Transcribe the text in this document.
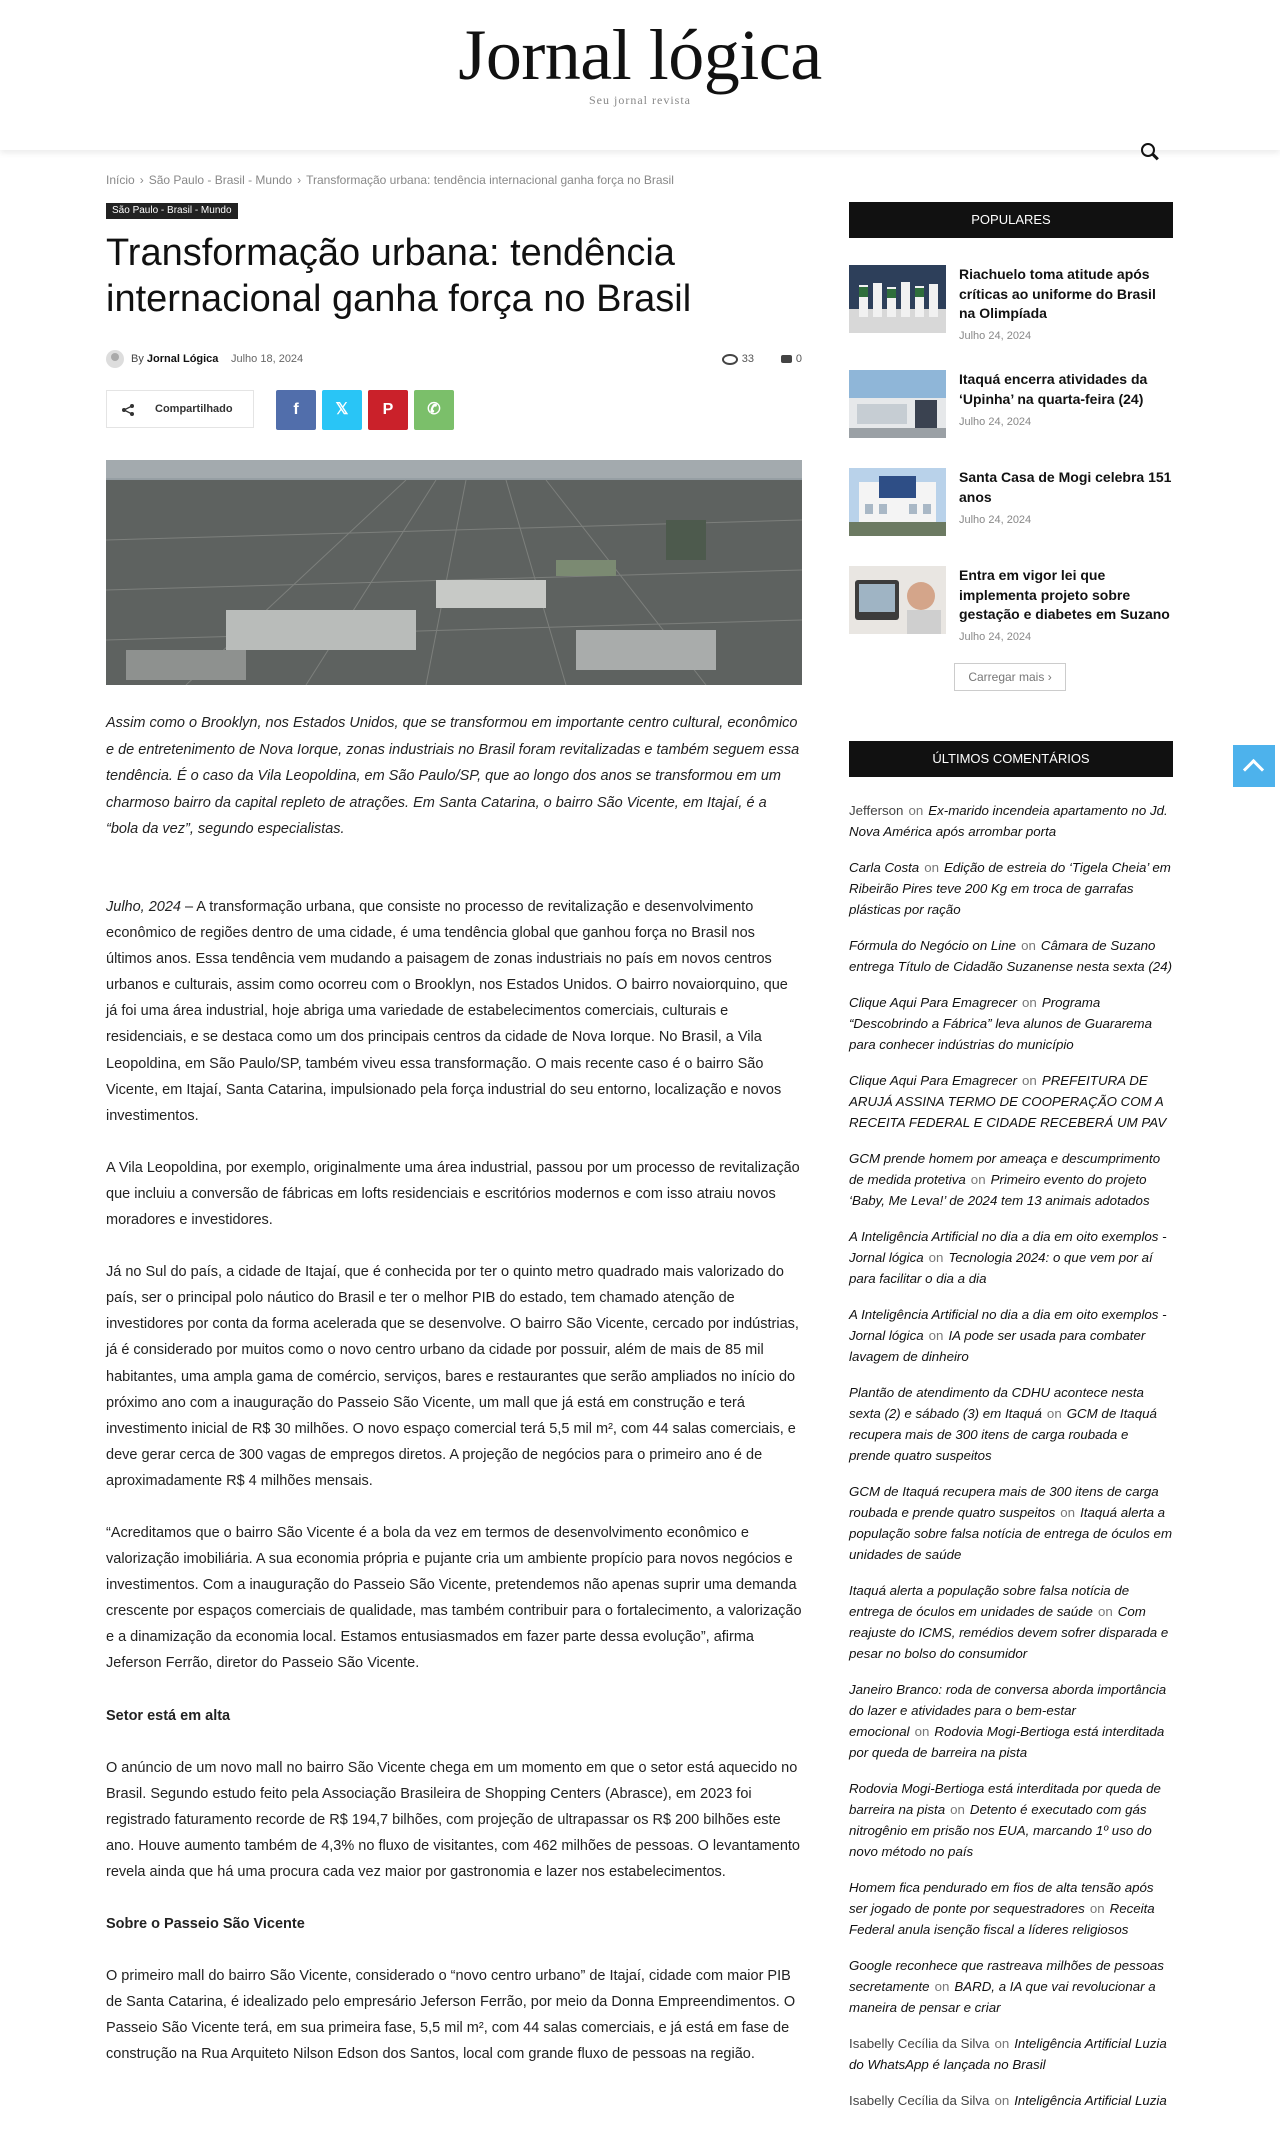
Jornal lógica
Seu jornal revista
Início › São Paulo - Brasil - Mundo › Transformação urbana: tendência internacional ganha força no Brasil
São Paulo - Brasil - Mundo
Transformação urbana: tendência internacional ganha força no Brasil
By Jornal Lógica Julho 18, 2024	33	0
Compartilhado	f	𝕏	P	✆
Assim como o Brooklyn, nos Estados Unidos, que se transformou em importante centro cultural, econômico e de entretenimento de Nova Iorque, zonas industriais no Brasil foram revitalizadas e também seguem essa tendência. É o caso da Vila Leopoldina, em São Paulo/SP, que ao longo dos anos se transformou em um charmoso bairro da capital repleto de atrações. Em Santa Catarina, o bairro São Vicente, em Itajaí, é a “bola da vez”, segundo especialistas.

Julho, 2024 – A transformação urbana, que consiste no processo de revitalização e desenvolvimento econômico de regiões dentro de uma cidade, é uma tendência global que ganhou força no Brasil nos últimos anos. Essa tendência vem mudando a paisagem de zonas industriais no país em novos centros urbanos e culturais, assim como ocorreu com o Brooklyn, nos Estados Unidos. O bairro novaiorquino, que já foi uma área industrial, hoje abriga uma variedade de estabelecimentos comerciais, culturais e residenciais, e se destaca como um dos principais centros da cidade de Nova Iorque. No Brasil, a Vila Leopoldina, em São Paulo/SP, também viveu essa transformação. O mais recente caso é o bairro São Vicente, em Itajaí, Santa Catarina, impulsionado pela força industrial do seu entorno, localização e novos investimentos.

A Vila Leopoldina, por exemplo, originalmente uma área industrial, passou por um processo de revitalização que incluiu a conversão de fábricas em lofts residenciais e escritórios modernos e com isso atraiu novos moradores e investidores.

Já no Sul do país, a cidade de Itajaí, que é conhecida por ter o quinto metro quadrado mais valorizado do país, ser o principal polo náutico do Brasil e ter o melhor PIB do estado, tem chamado atenção de investidores por conta da forma acelerada que se desenvolve. O bairro São Vicente, cercado por indústrias, já é considerado por muitos como o novo centro urbano da cidade por possuir, além de mais de 85 mil habitantes, uma ampla gama de comércio, serviços, bares e restaurantes que serão ampliados no início do próximo ano com a inauguração do Passeio São Vicente, um mall que já está em construção e terá investimento inicial de R$ 30 milhões. O novo espaço comercial terá 5,5 mil m², com 44 salas comerciais, e deve gerar cerca de 300 vagas de empregos diretos. A projeção de negócios para o primeiro ano é de aproximadamente R$ 4 milhões mensais.

“Acreditamos que o bairro São Vicente é a bola da vez em termos de desenvolvimento econômico e valorização imobiliária. A sua economia própria e pujante cria um ambiente propício para novos negócios e investimentos. Com a inauguração do Passeio São Vicente, pretendemos não apenas suprir uma demanda crescente por espaços comerciais de qualidade, mas também contribuir para o fortalecimento, a valorização e a dinamização da economia local. Estamos entusiasmados em fazer parte dessa evolução”, afirma Jeferson Ferrão, diretor do Passeio São Vicente.

Setor está em alta

O anúncio de um novo mall no bairro São Vicente chega em um momento em que o setor está aquecido no Brasil. Segundo estudo feito pela Associação Brasileira de Shopping Centers (Abrasce), em 2023 foi registrado faturamento recorde de R$ 194,7 bilhões, com projeção de ultrapassar os R$ 200 bilhões este ano. Houve aumento também de 4,3% no fluxo de visitantes, com 462 milhões de pessoas. O levantamento revela ainda que há uma procura cada vez maior por gastronomia e lazer nos estabelecimentos.

Sobre o Passeio São Vicente

O primeiro mall do bairro São Vicente, considerado o “novo centro urbano” de Itajaí, cidade com maior PIB de Santa Catarina, é idealizado pelo empresário Jeferson Ferrão, por meio da Donna Empreendimentos. O Passeio São Vicente terá, em sua primeira fase, 5,5 mil m², com 44 salas comerciais, e já está em fase de construção na Rua Arquiteto Nilson Edson dos Santos, local com grande fluxo de pessoas na região.

POPULARES
Riachuelo toma atitude após críticas ao uniforme do Brasil na Olimpíada
Julho 24, 2024
Itaquá encerra atividades da ‘Upinha’ na quarta-feira (24)
Julho 24, 2024
Santa Casa de Mogi celebra 151 anos
Julho 24, 2024
Entra em vigor lei que implementa projeto sobre gestação e diabetes em Suzano
Julho 24, 2024
Carregar mais ›
ÚLTIMOS COMENTÁRIOS
Jefferson on Ex-marido incendeia apartamento no Jd. Nova América após arrombar porta
Carla Costa on Edição de estreia do ‘Tigela Cheia’ em Ribeirão Pires teve 200 Kg em troca de garrafas plásticas por ração
Fórmula do Negócio on Line on Câmara de Suzano entrega Título de Cidadão Suzanense nesta sexta (24)
Clique Aqui Para Emagrecer on Programa “Descobrindo a Fábrica” leva alunos de Guararema para conhecer indústrias do município
Clique Aqui Para Emagrecer on PREFEITURA DE ARUJÁ ASSINA TERMO DE COOPERAÇÃO COM A RECEITA FEDERAL E CIDADE RECEBERÁ UM PAV
GCM prende homem por ameaça e descumprimento de medida protetiva on Primeiro evento do projeto ‘Baby, Me Leva!’ de 2024 tem 13 animais adotados
A Inteligência Artificial no dia a dia em oito exemplos - Jornal lógica on Tecnologia 2024: o que vem por aí para facilitar o dia a dia
A Inteligência Artificial no dia a dia em oito exemplos - Jornal lógica on IA pode ser usada para combater lavagem de dinheiro
Plantão de atendimento da CDHU acontece nesta sexta (2) e sábado (3) em Itaquá on GCM de Itaquá recupera mais de 300 itens de carga roubada e prende quatro suspeitos
GCM de Itaquá recupera mais de 300 itens de carga roubada e prende quatro suspeitos on Itaquá alerta a população sobre falsa notícia de entrega de óculos em unidades de saúde
Itaquá alerta a população sobre falsa notícia de entrega de óculos em unidades de saúde on Com reajuste do ICMS, remédios devem sofrer disparada e pesar no bolso do consumidor
Janeiro Branco: roda de conversa aborda importância do lazer e atividades para o bem-estar emocional on Rodovia Mogi-Bertioga está interditada por queda de barreira na pista
Rodovia Mogi-Bertioga está interditada por queda de barreira na pista on Detento é executado com gás nitrogênio em prisão nos EUA, marcando 1º uso do novo método no país
Homem fica pendurado em fios de alta tensão após ser jogado de ponte por sequestradores on Receita Federal anula isenção fiscal a líderes religiosos
Google reconhece que rastreava milhões de pessoas secretamente on BARD, a IA que vai revolucionar a maneira de pensar e criar
Isabelly Cecília da Silva on Inteligência Artificial Luzia do WhatsApp é lançada no Brasil
Isabelly Cecília da Silva on Inteligência Artificial Luzia
